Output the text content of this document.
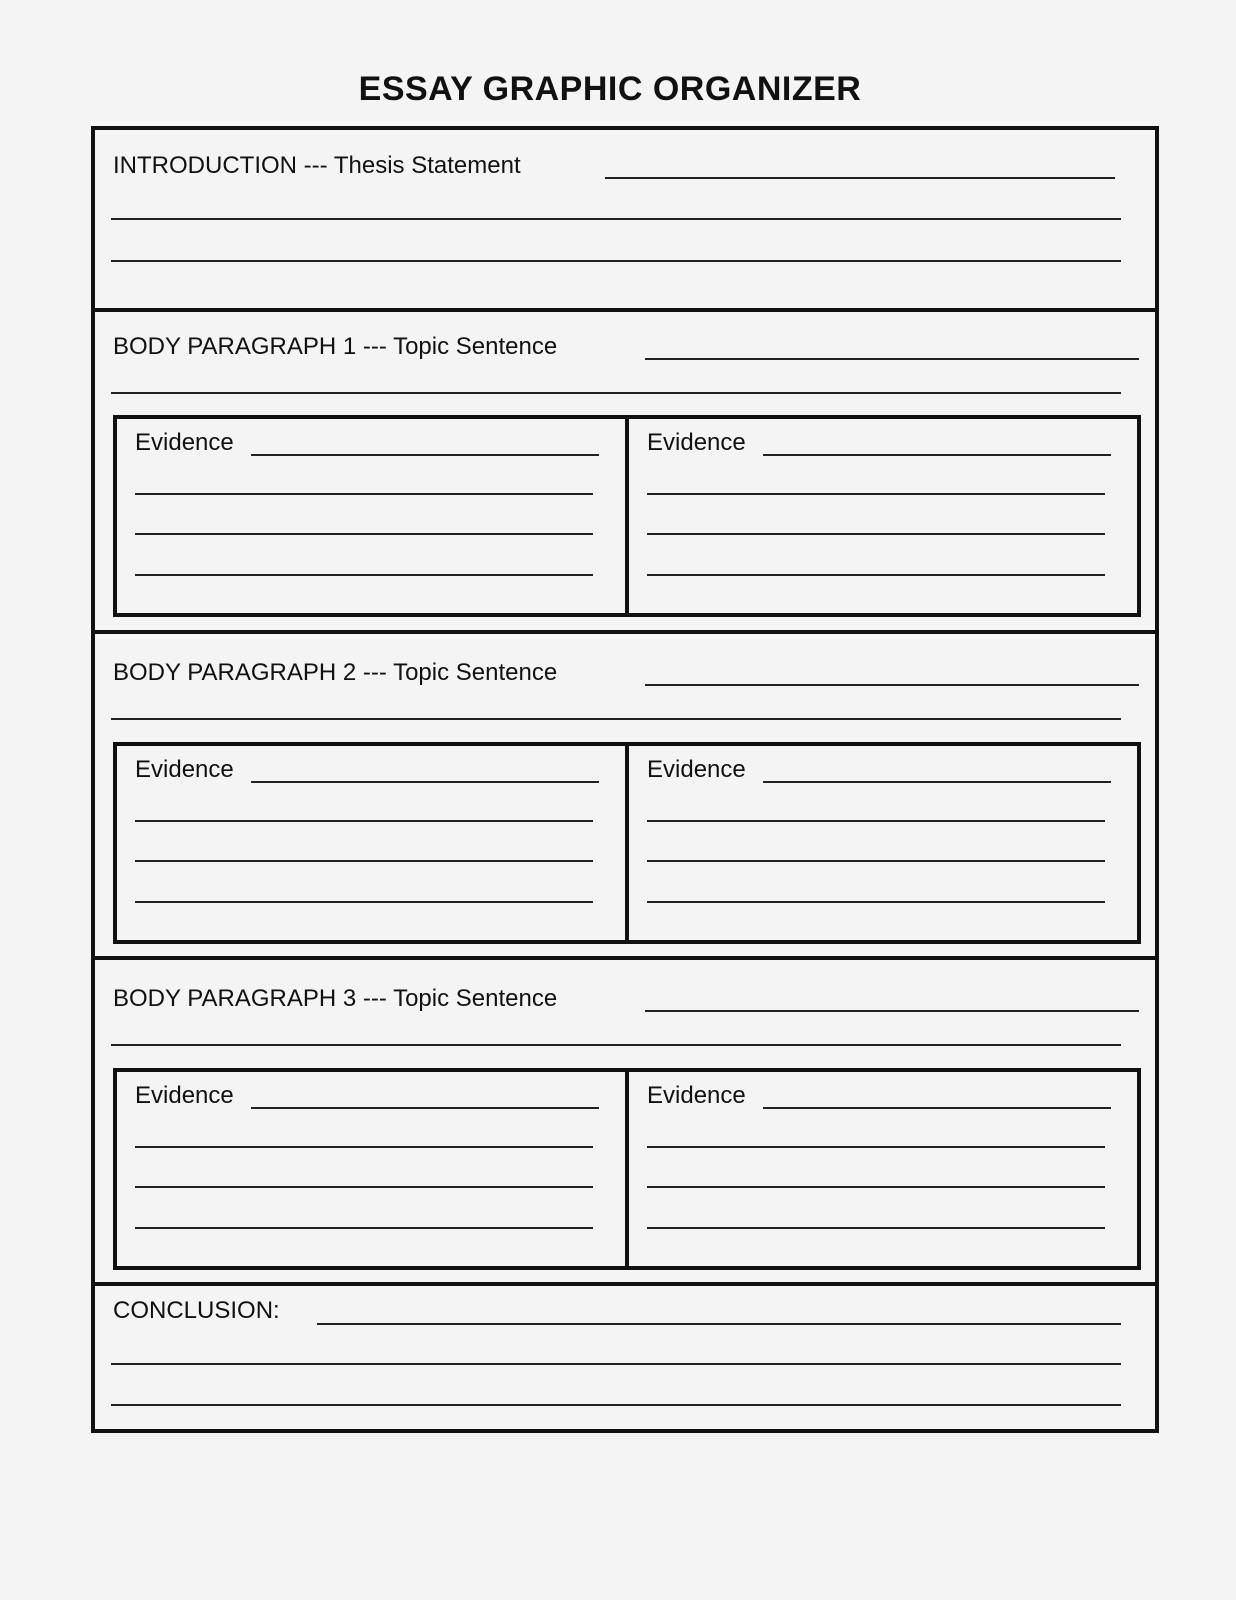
ESSAY GRAPHIC ORGANIZER
INTRODUCTION --- Thesis Statement
BODY PARAGRAPH 1 --- Topic Sentence
Evidence	Evidence
BODY PARAGRAPH 2 --- Topic Sentence
Evidence	Evidence
BODY PARAGRAPH 3 --- Topic Sentence
Evidence	Evidence
CONCLUSION:
